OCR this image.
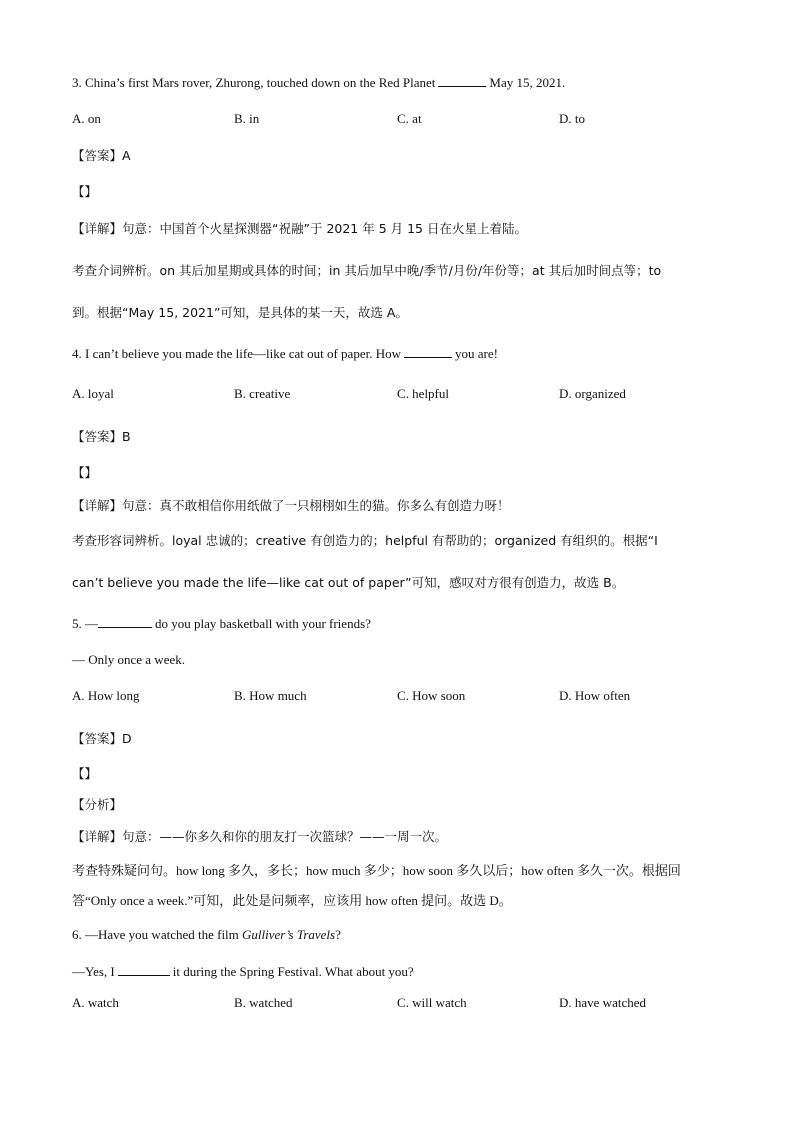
3. China’s first Mars rover, Zhurong, touched down on the Red Planet	May 15, 2021.
A. on	B. in	C. at	D. to
【答案】A
【】
【详解】句意：中国首个火星探测器“祝融”于 2021 年 5 月 15 日在火星上着陆。
考查介词辨析。on 其后加星期或具体的时间；in 其后加早中晚/季节/月份/年份等；at 其后加时间点等；to
到。根据“May 15, 2021”可知，是具体的某一天，故选 A。
4. I can’t believe you made the life—like cat out of paper. How	you are!
A. loyal	B. creative	C. helpful	D. organized
【答案】B
【】
【详解】句意：真不敢相信你用纸做了一只栩栩如生的猫。你多么有创造力呀！
考查形容词辨析。loyal 忠诚的；creative 有创造力的；helpful 有帮助的；organized 有组织的。根据“I
can’t believe you made the life—like cat out of paper”可知，感叹对方很有创造力，故选 B。
5. —	do you play basketball with your friends?
— Only once a week.
A. How long	B. How much	C. How soon	D. How often
【答案】D
【】
【分析】
【详解】句意：——你多久和你的朋友打一次篮球？——一周一次。
考查特殊疑问句。how long 多久，多长；how much 多少；how soon 多久以后；how often 多久一次。根据回
答“Only once a week.”可知，此处是问频率，应该用 how often 提问。故选 D。
6. —Have you watched the film Gulliver’s Travels?
—Yes, I	it during the Spring Festival. What about you?
A. watch	B. watched	C. will watch	D. have watched
